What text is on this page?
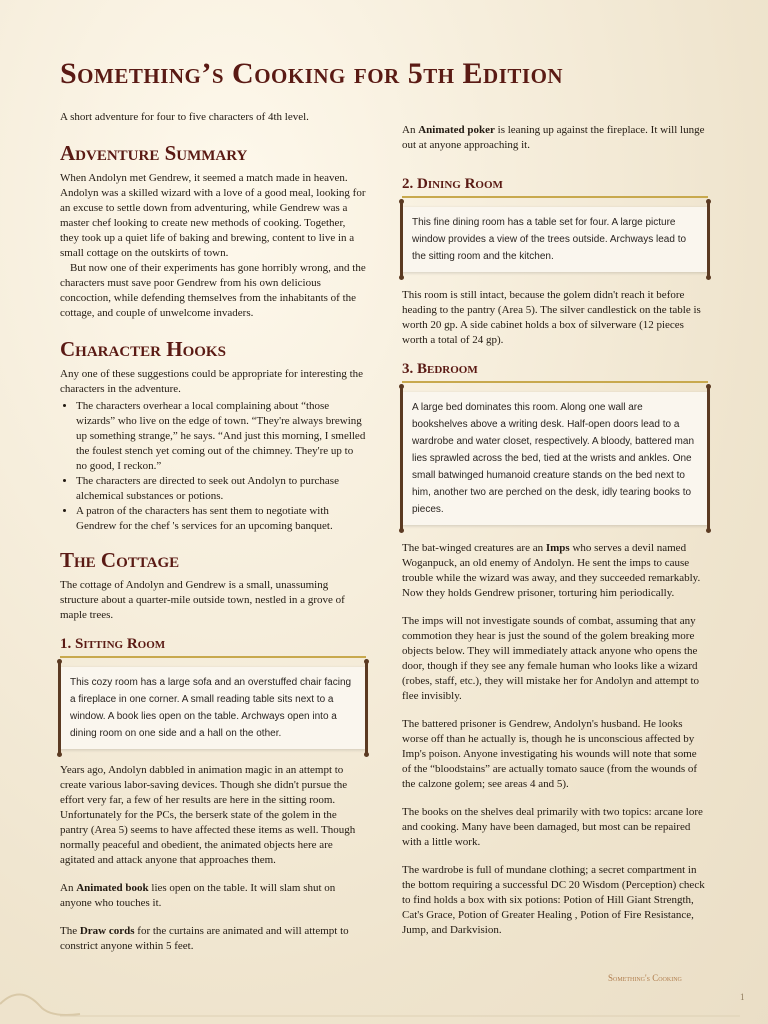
Something’s Cooking for 5th Edition

A short adventure for four to five characters of 4th level.

Adventure Summary

When Andolyn met Gendrew, it seemed a match made in heaven. Andolyn was a skilled wizard with a love of a good meal, looking for an excuse to settle down from adventuring, while Gendrew was a master chef looking to create new methods of cooking. Together, they took up a quiet life of baking and brewing, content to live in a small cottage on the outskirts of town.

But now one of their experiments has gone horribly wrong, and the characters must save poor Gendrew from his own delicious concoction, while defending themselves from the inhabitants of the cottage, and couple of unwelcome invaders.

Character Hooks

Any one of these suggestions could be appropriate for interesting the characters in the adventure.

• The characters overhear a local complaining about “those wizards” who live on the edge of town. “They're always brewing up something strange,” he says. “And just this morning, I smelled the foulest stench yet coming out of the chimney. They're up to no good, I reckon.”
• The characters are directed to seek out Andolyn to purchase alchemical substances or potions.
• A patron of the characters has sent them to negotiate with Gendrew for the chef 's services for an upcoming banquet.
The Cottage

The cottage of Andolyn and Gendrew is a small, unassuming structure about a quarter-mile outside town, nestled in a grove of maple trees.

1. Sitting Room
This cozy room has a large sofa and an overstuffed chair facing a fireplace in one corner. A small reading table sits next to a window. A book lies open on the table. Archways open into a dining room on one side and a hall on the other.

Years ago, Andolyn dabbled in animation magic in an attempt to create various labor-saving devices. Though she didn't pursue the effort very far, a few of her results are here in the sitting room. Unfortunately for the PCs, the berserk state of the golem in the pantry (Area 5) seems to have affected these items as well. Though normally peaceful and obedient, the animated objects here are agitated and attack anyone that approaches them.

An Animated book lies open on the table. It will slam shut on anyone who touches it.

The Draw cords for the curtains are animated and will attempt to constrict anyone within 5 feet.

An Animated poker is leaning up against the fireplace. It will lunge out at anyone approaching it.

2. Dining Room
This fine dining room has a table set for four. A large picture window provides a view of the trees outside. Archways lead to the sitting room and the kitchen.

This room is still intact, because the golem didn't reach it before heading to the pantry (Area 5). The silver candlestick on the table is worth 20 gp. A side cabinet holds a box of silverware (12 pieces worth a total of 24 gp).

3. Bedroom
A large bed dominates this room. Along one wall are bookshelves above a writing desk. Half-open doors lead to a wardrobe and water closet, respectively. A bloody, battered man lies sprawled across the bed, tied at the wrists and ankles. One small batwinged humanoid creature stands on the bed next to him, another two are perched on the desk, idly tearing books to pieces.

The bat-winged creatures are an Imps who serves a devil named Woganpuck, an old enemy of Andolyn. He sent the imps to cause trouble while the wizard was away, and they succeeded remarkably. Now they holds Gendrew prisoner, torturing him periodically.

The imps will not investigate sounds of combat, assuming that any commotion they hear is just the sound of the golem breaking more objects below. They will immediately attack anyone who opens the door, though if they see any female human who looks like a wizard (robes, staff, etc.), they will mistake her for Andolyn and attempt to flee invisibly.

The battered prisoner is Gendrew, Andolyn's husband. He looks worse off than he actually is, though he is unconscious affected by Imp's poison. Anyone investigating his wounds will note that some of the “bloodstains” are actually tomato sauce (from the wounds of the calzone golem; see areas 4 and 5).

The books on the shelves deal primarily with two topics: arcane lore and cooking. Many have been damaged, but most can be repaired with a little work.

The wardrobe is full of mundane clothing; a secret compartment in the bottom requiring a successful DC 20 Wisdom (Perception) check to find holds a box with six potions: Potion of Hill Giant Strength, Cat's Grace, Potion of Greater Healing , Potion of Fire Resistance, Jump, and Darkvision.

Something's Cooking
1
